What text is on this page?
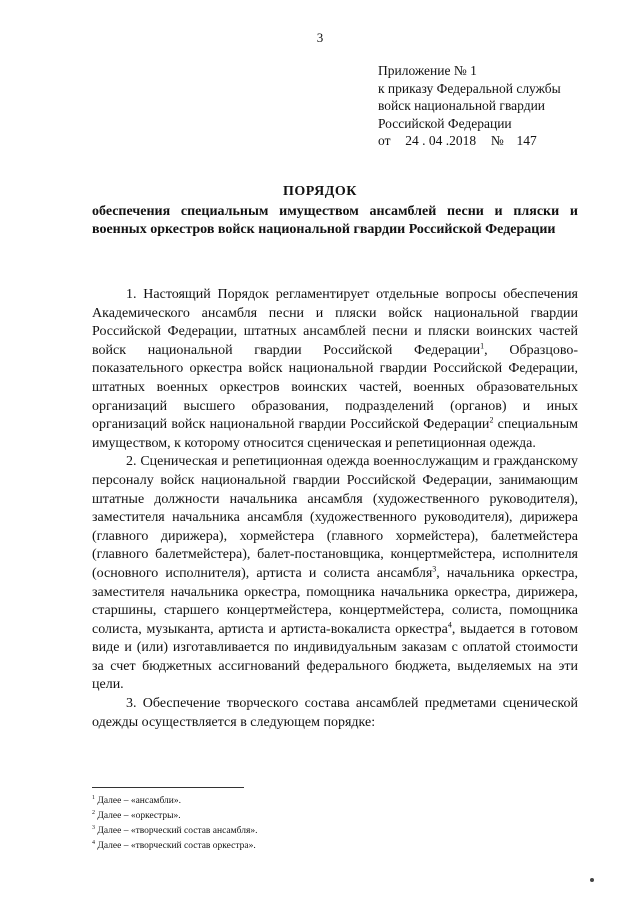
3
Приложение № 1
к приказу Федеральной службы
войск национальной гвардии
Российской Федерации
от 24 . 04 .2018 № 147
ПОРЯДОК
обеспечения специальным имуществом ансамблей песни и пляски и военных оркестров войск национальной гвардии Российской Федерации

1. Настоящий Порядок регламентирует отдельные вопросы обеспечения Академического ансамбля песни и пляски войск национальной гвардии Российской Федерации, штатных ансамблей песни и пляски воинских частей войск национальной гвардии Российской Федерации$^1$, Образцово-показательного оркестра войск национальной гвардии Российской Федерации, штатных военных оркестров воинских частей, военных образовательных организаций высшего образования, подразделений (органов) и иных организаций войск национальной гвардии Российской Федерации$^2$ специальным имуществом, к которому относится сценическая и репетиционная одежда.

2. Сценическая и репетиционная одежда военнослужащим и гражданскому персоналу войск национальной гвардии Российской Федерации, занимающим штатные должности начальника ансамбля (художественного руководителя), заместителя начальника ансамбля (художественного руководителя), дирижера (главного дирижера), хормейстера (главного хормейстера), балетмейстера (главного балетмейстера), балет-постановщика, концертмейстера, исполнителя (основного исполнителя), артиста и солиста ансамбля$^3$, начальника оркестра, заместителя начальника оркестра, помощника начальника оркестра, дирижера, старшины, старшего концертмейстера, концертмейстера, солиста, помощника солиста, музыканта, артиста и артиста-вокалиста оркестра$^4$, выдается в готовом виде и (или) изготавливается по индивидуальным заказам с оплатой стоимости за счет бюджетных ассигнований федерального бюджета, выделяемых на эти цели.

3. Обеспечение творческого состава ансамблей предметами сценической одежды осуществляется в следующем порядке:

$^1$ Далее – «ансамбли».
$^2$ Далее – «оркестры».
$^3$ Далее – «творческий состав ансамбля».
$^4$ Далее – «творческий состав оркестра».
